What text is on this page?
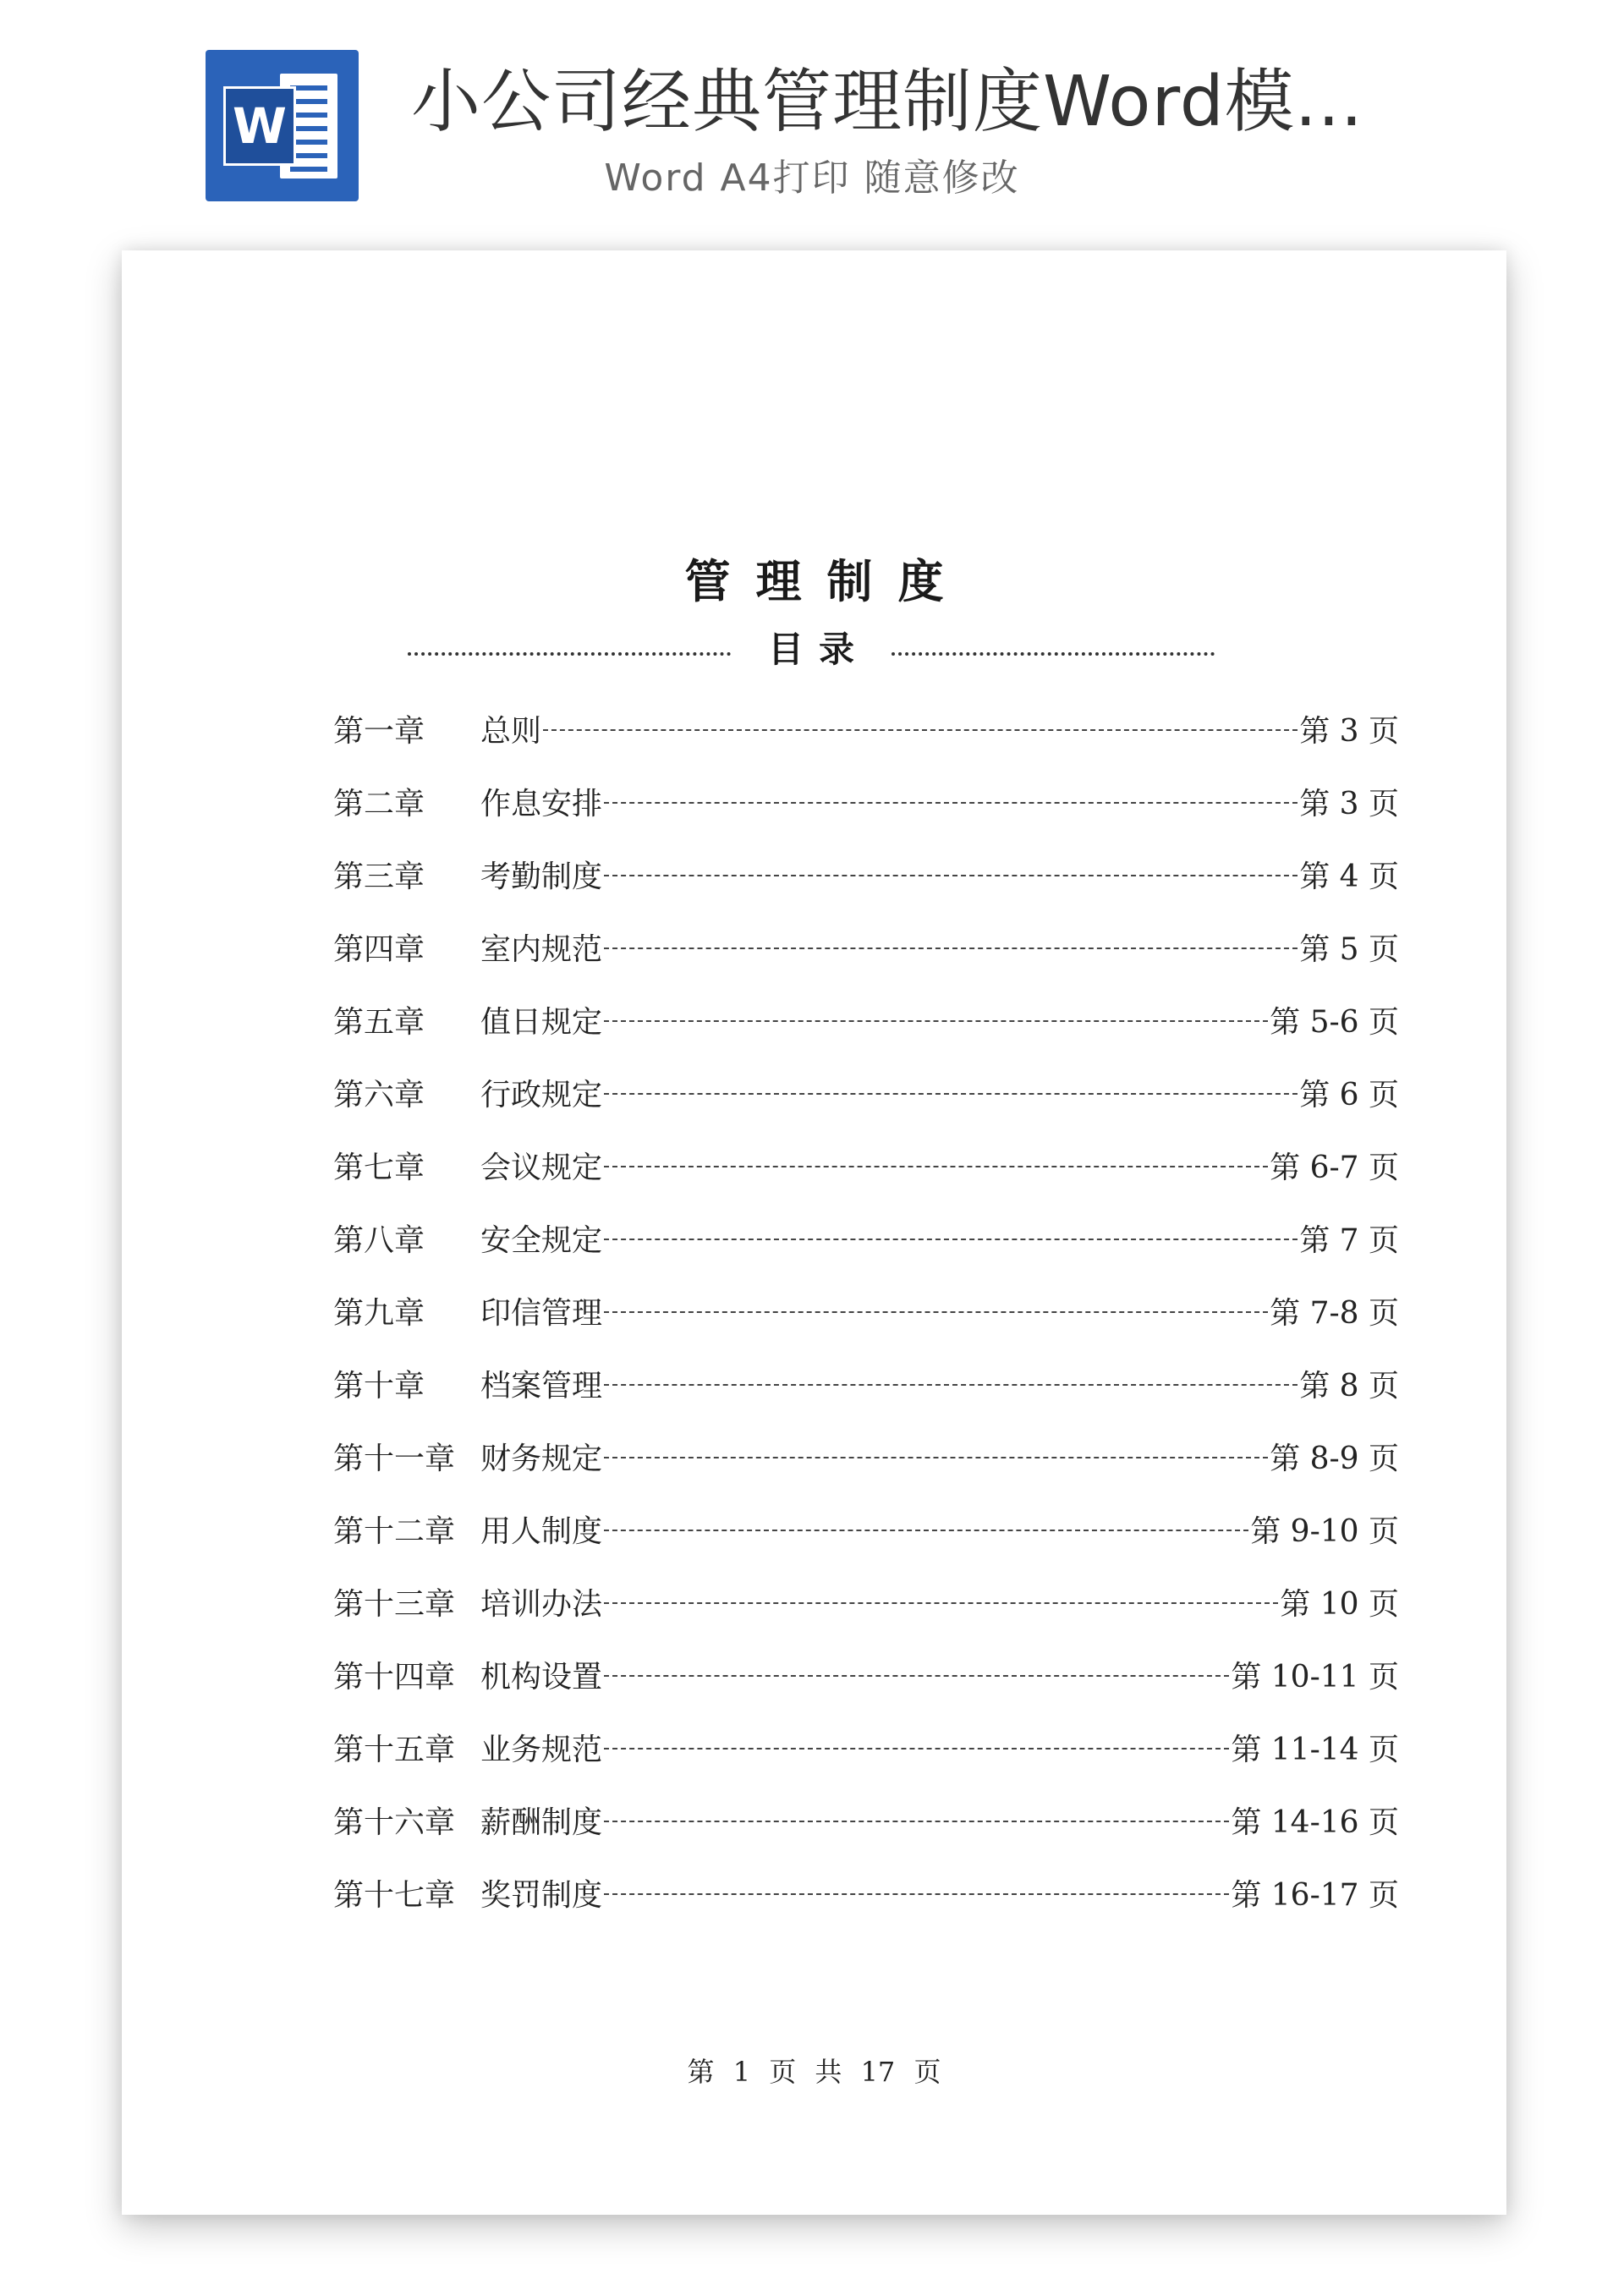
W 小公司经典管理制度Word模...
Word A4打印 随意修改
管理制度
目录
第一章	总则	第 3 页
第二章	作息安排	第 3 页
第三章	考勤制度	第 4 页
第四章	室内规范	第 5 页
第五章	值日规定	第 5-6 页
第六章	行政规定	第 6 页
第七章	会议规定	第 6-7 页
第八章	安全规定	第 7 页
第九章	印信管理	第 7-8 页
第十章	档案管理	第 8 页
第十一章 财务规定	第 8-9 页
第十二章 用人制度	第 9-10 页
第十三章 培训办法	第 10 页
第十四章 机构设置	第 10-11 页
第十五章 业务规范	第 11-14 页
第十六章 薪酬制度	第 14-16 页
第十七章 奖罚制度	第 16-17 页
第 1 页 共 17 页
